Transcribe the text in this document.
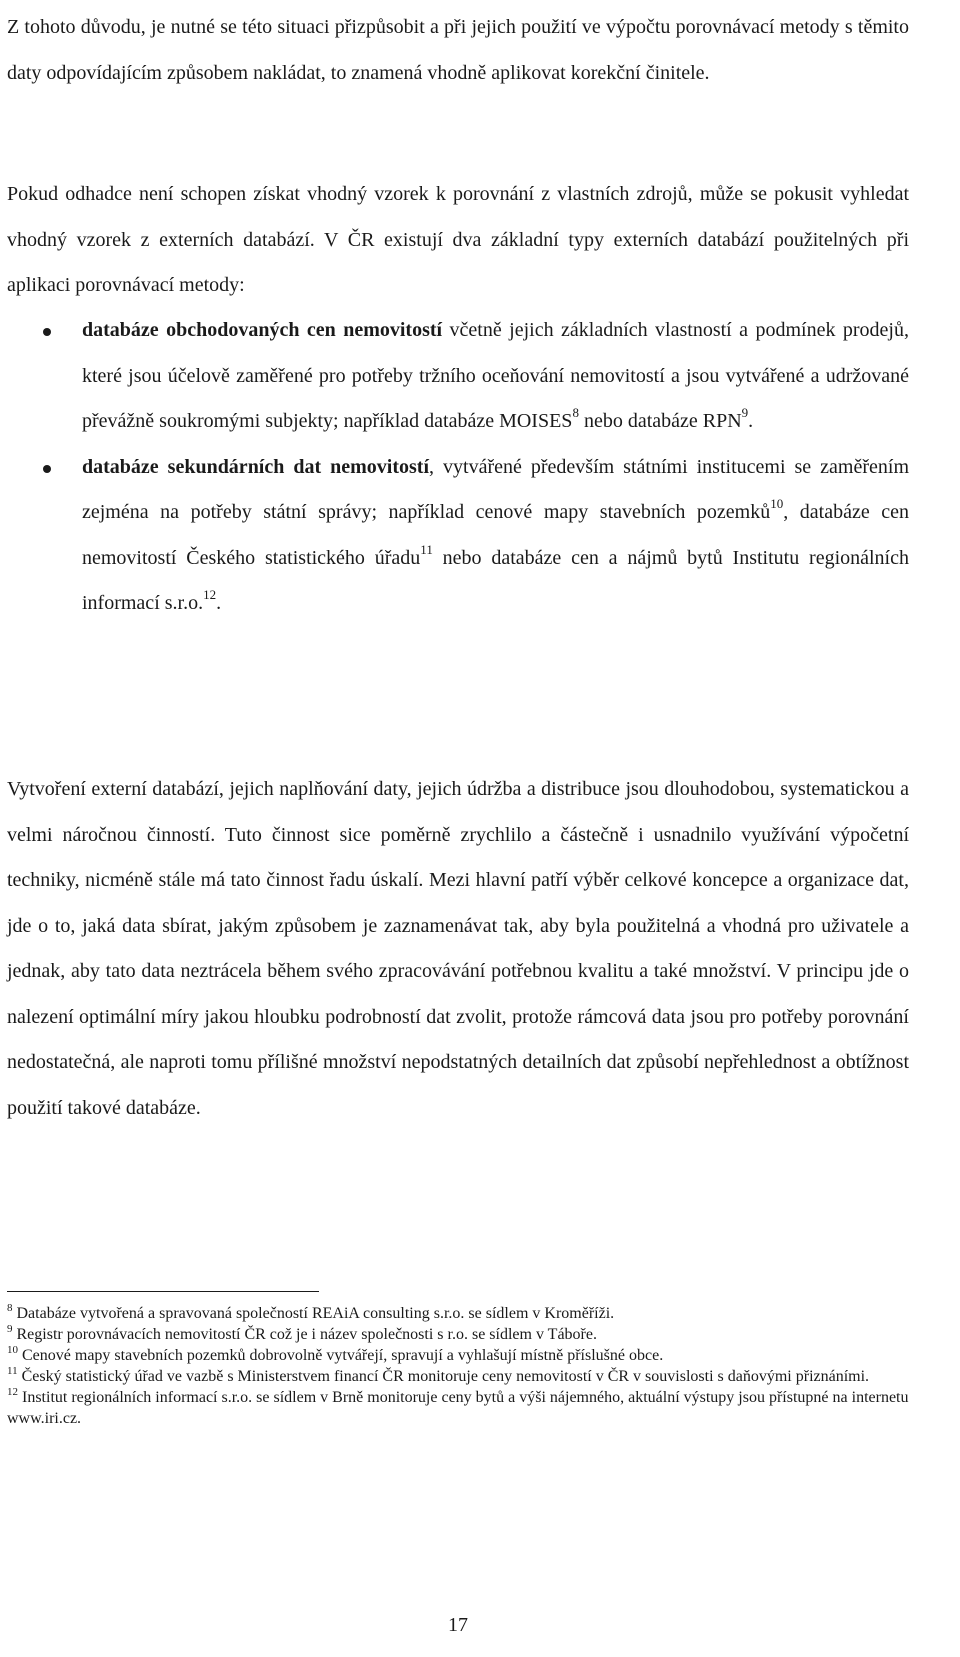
Z tohoto důvodu, je nutné se této situaci přizpůsobit a při jejich použití ve výpočtu porovnávací metody s těmito daty odpovídajícím způsobem nakládat, to znamená vhodně aplikovat korekční činitele.

Pokud odhadce není schopen získat vhodný vzorek k porovnání z vlastních zdrojů, může se pokusit vyhledat vhodný vzorek z externích databází. V ČR existují dva základní typy externích databází použitelných při aplikaci porovnávací metody:

databáze obchodovaných cen nemovitostí včetně jejich základních vlastností a podmínek prodejů, které jsou účelově zaměřené pro potřeby tržního oceňování nemovitostí a jsou vytvářené a udržované převážně soukromými subjekty; například databáze MOISES$^8$ nebo databáze RPN$^9$.
databáze sekundárních dat nemovitostí, vytvářené především státními institucemi se zaměřením zejména na potřeby státní správy; například cenové mapy stavebních pozemků$^{10}$, databáze cen nemovitostí Českého statistického úřadu$^{11}$ nebo databáze cen a nájmů bytů Institutu regionálních informací s.r.o.$^{12}$.

Vytvoření externí databází, jejich naplňování daty, jejich údržba a distribuce jsou dlouhodobou, systematickou a velmi náročnou činností. Tuto činnost sice poměrně zrychlilo a částečně i usnadnilo využívání výpočetní techniky, nicméně stále má tato činnost řadu úskalí. Mezi hlavní patří výběr celkové koncepce a organizace dat, jde o to, jaká data sbírat, jakým způsobem je zaznamenávat tak, aby byla použitelná a vhodná pro uživatele a jednak, aby tato data neztrácela během svého zpracovávání potřebnou kvalitu a také množství. V principu jde o nalezení optimální míry jakou hloubku podrobností dat zvolit, protože rámcová data jsou pro potřeby porovnání nedostatečná, ale naproti tomu přílišné množství nepodstatných detailních dat způsobí nepřehlednost a obtížnost použití takové databáze.

$^8$ Databáze vytvořená a spravovaná společností REAiA consulting s.r.o. se sídlem v Kroměříži.

$^9$ Registr porovnávacích nemovitostí ČR což je i název společnosti s r.o. se sídlem v Táboře.

$^{10}$ Cenové mapy stavebních pozemků dobrovolně vytvářejí, spravují a vyhlašují místně příslušné obce.

$^{11}$ Český statistický úřad ve vazbě s Ministerstvem financí ČR monitoruje ceny nemovitostí v ČR v souvislosti s daňovými přiznáními.

$^{12}$ Institut regionálních informací s.r.o. se sídlem v Brně monitoruje ceny bytů a výši nájemného, aktuální výstupy jsou přístupné na internetu www.iri.cz.

17
